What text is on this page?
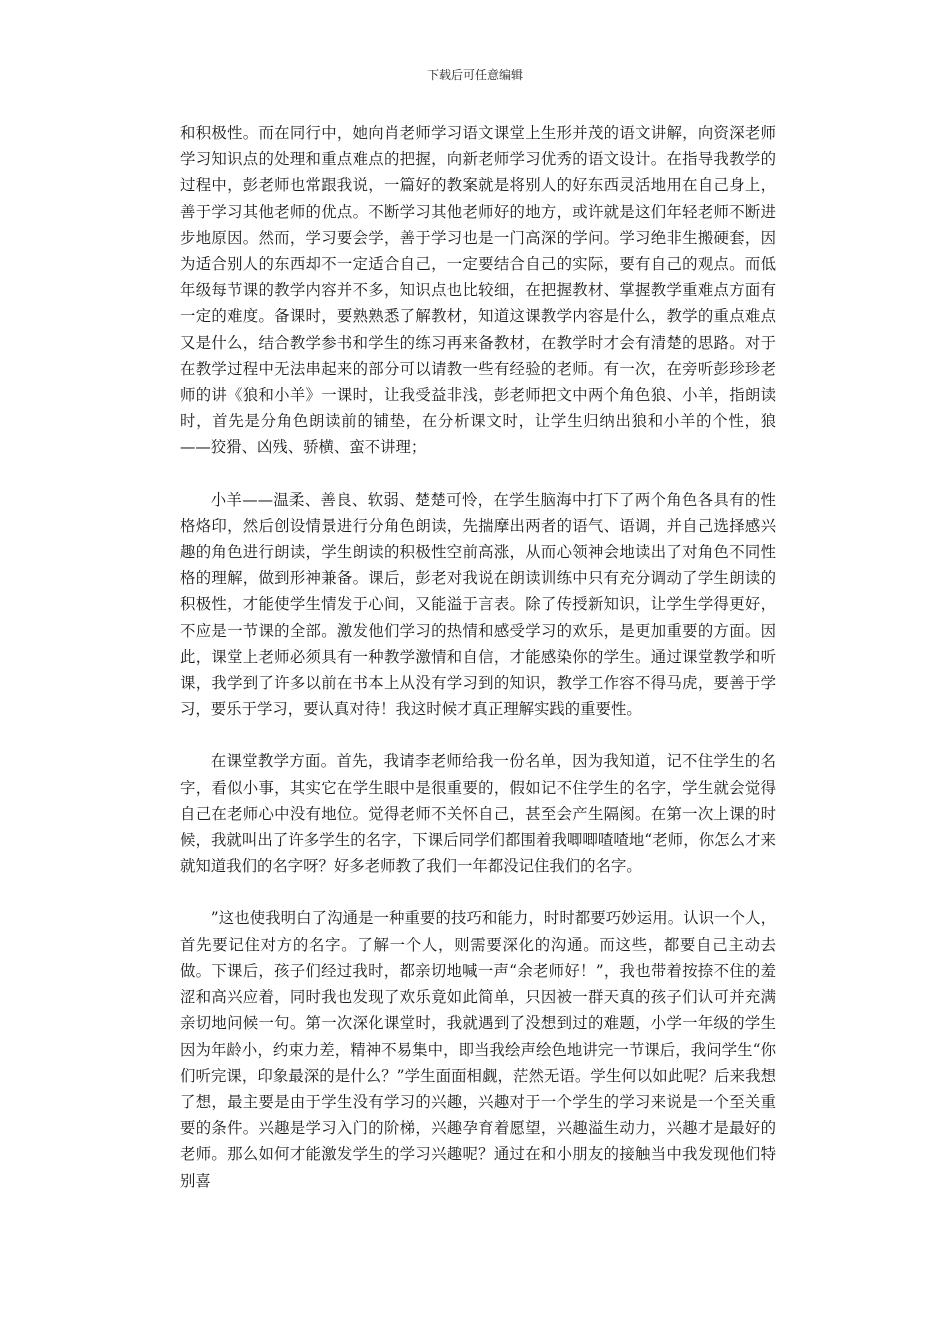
下载后可任意编辑

和积极性。而在同行中，她向肖老师学习语文课堂上生形并茂的语文讲解，向资深老师学习知识点的处理和重点难点的把握，向新老师学习优秀的语文设计。在指导我教学的过程中，彭老师也常跟我说，一篇好的教案就是将别人的好东西灵活地用在自己身上，善于学习其他老师的优点。不断学习其他老师好的地方，或许就是这们年轻老师不断进步地原因。然而，学习要会学，善于学习也是一门高深的学问。学习绝非生搬硬套，因为适合别人的东西却不一定适合自己，一定要结合自己的实际，要有自己的观点。而低年级每节课的教学内容并不多，知识点也比较细，在把握教材、掌握教学重难点方面有一定的难度。备课时，要熟熟悉了解教材，知道这课教学内容是什么，教学的重点难点又是什么，结合教学参书和学生的练习再来备教材，在教学时才会有清楚的思路。对于在教学过程中无法串起来的部分可以请教一些有经验的老师。有一次，在旁听彭珍珍老师的讲《狼和小羊》一课时，让我受益非浅，彭老师把文中两个角色狼、小羊，指朗读时，首先是分角色朗读前的铺垫，在分析课文时，让学生归纳出狼和小羊的个性，狼——狡猾、凶残、骄横、蛮不讲理；

小羊——温柔、善良、软弱、楚楚可怜，在学生脑海中打下了两个角色各具有的性格烙印，然后创设情景进行分角色朗读，先揣摩出两者的语气、语调，并自己选择感兴趣的角色进行朗读，学生朗读的积极性空前高涨，从而心领神会地读出了对角色不同性格的理解，做到形神兼备。课后，彭老对我说在朗读训练中只有充分调动了学生朗读的积极性，才能使学生情发于心间，又能溢于言表。除了传授新知识，让学生学得更好，不应是一节课的全部。激发他们学习的热情和感受学习的欢乐，是更加重要的方面。因此，课堂上老师必须具有一种教学激情和自信，才能感染你的学生。通过课堂教学和听课，我学到了许多以前在书本上从没有学习到的知识，教学工作容不得马虎，要善于学习，要乐于学习，要认真对待！我这时候才真正理解实践的重要性。

在课堂教学方面。首先，我请李老师给我一份名单，因为我知道，记不住学生的名字，看似小事，其实它在学生眼中是很重要的，假如记不住学生的名字，学生就会觉得自己在老师心中没有地位。觉得老师不关怀自己，甚至会产生隔阂。在第一次上课的时候，我就叫出了许多学生的名字，下课后同学们都围着我唧唧喳喳地“老师，你怎么才来就知道我们的名字呀？好多老师教了我们一年都没记住我们的名字。

”这也使我明白了沟通是一种重要的技巧和能力，时时都要巧妙运用。认识一个人，首先要记住对方的名字。了解一个人，则需要深化的沟通。而这些，都要自己主动去做。下课后，孩子们经过我时，都亲切地喊一声“余老师好！”，我也带着按捺不住的羞涩和高兴应着，同时我也发现了欢乐竟如此简单，只因被一群天真的孩子们认可并充满亲切地问候一句。第一次深化课堂时，我就遇到了没想到过的难题，小学一年级的学生因为年龄小，约束力差，精神不易集中，即当我绘声绘色地讲完一节课后，我问学生“你们听完课，印象最深的是什么？”学生面面相觑，茫然无语。学生何以如此呢？后来我想了想，最主要是由于学生没有学习的兴趣，兴趣对于一个学生的学习来说是一个至关重要的条件。兴趣是学习入门的阶梯，兴趣孕育着愿望，兴趣溢生动力，兴趣才是最好的老师。那么如何才能激发学生的学习兴趣呢？通过在和小朋友的接触当中我发现他们特别喜
